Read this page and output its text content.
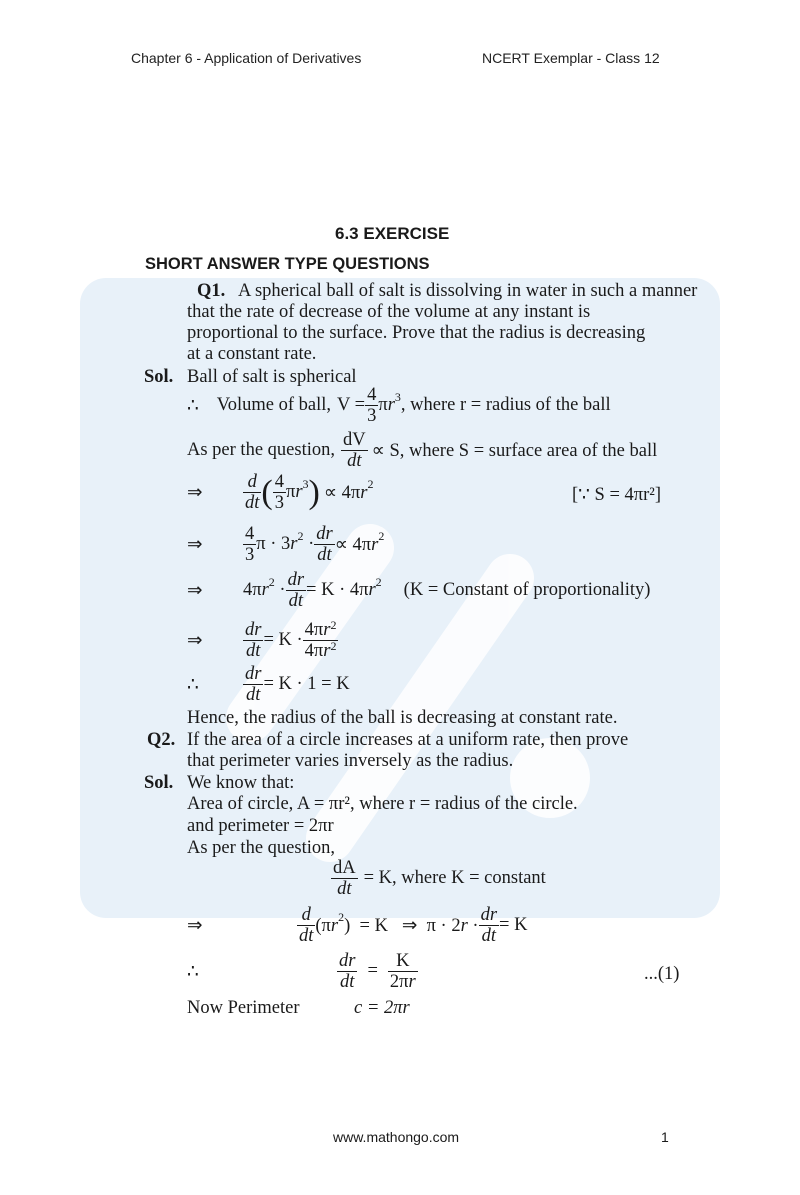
Chapter 6 - Application of Derivatives	NCERT Exemplar - Class 12
6.3 EXERCISE
SHORT ANSWER TYPE QUESTIONS
Q1. A spherical ball of salt is dissolving in water in such a manner
that the rate of decrease of the volume at any instant is
proportional to the surface. Prove that the radius is decreasing
at a constant rate.
Sol. Ball of salt is spherical
∴ Volume of ball, $V = \frac{4}{3} \pi r^3$ , where r = radius of the ball
As per the question, $\frac{dV}{dt} \propto S$, where S = surface area of the ball
⇒	$\frac{d}{dt}$ ( $\frac{4}{3} \pi r^3$ ) ∝ $4\pi r^2$
[∵ S = 4πr²]
⇒	$\frac{4}{3}$ $\pi \cdot 3r^2 \cdot \frac{dr}{dt} \propto 4\pi r^2$
⇒	$4\pi r^2 \cdot \frac{dr}{dt} = K \cdot 4\pi r^2$ (K = Constant of proportionality)
⇒	$\frac{dr}{dt} = K \cdot \frac{4\pi r^2}{4\pi r^2}$
∴	$\frac{dr}{dt} = K \cdot 1 = K$
Hence, the radius of the ball is decreasing at constant rate.
Q2. If the area of a circle increases at a uniform rate, then prove
that perimeter varies inversely as the radius.
Sol. We know that:
Area of circle, A = πr², where r = radius of the circle.
and perimeter = 2πr
As per the question,
$\frac{dA}{dt} = K$, where K = constant
⇒	$\frac{d}{dt} (\pi r^2) = K$   ⇒  $\pi \cdot 2r \cdot \frac{dr}{dt} = K$
∴	$\frac{dr}{dt} = \frac{K}{2\pi r}$	...(1)
Now Perimeter	c = 2πr
www.mathongo.com	1
